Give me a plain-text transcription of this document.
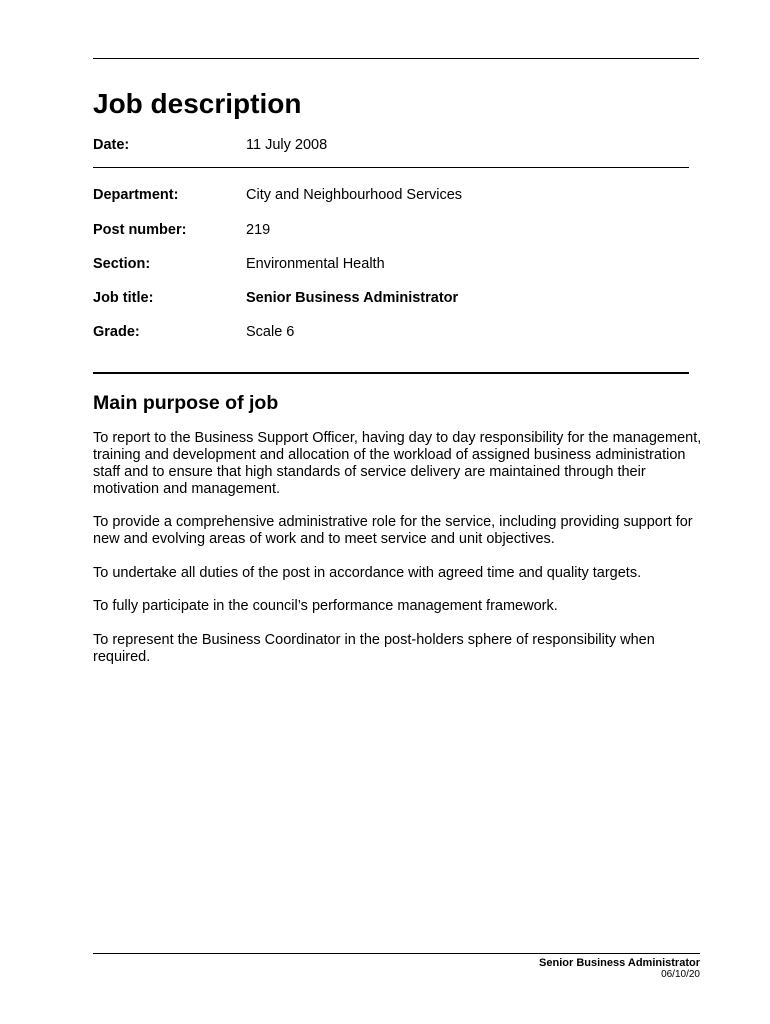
Job description
Date:	11 July 2008
Department:	City and Neighbourhood Services
Post number:	219
Section:	Environmental Health
Job title:	Senior Business Administrator
Grade:	Scale 6
Main purpose of job

To report to the Business Support Officer, having day to day responsibility for the management, training and development and allocation of the workload of assigned business administration staff and to ensure that high standards of service delivery are maintained through their motivation and management.

To provide a comprehensive administrative role for the service, including providing support for new and evolving areas of work and to meet service and unit objectives.

To undertake all duties of the post in accordance with agreed time and quality targets.

To fully participate in the council’s performance management framework.

To represent the Business Coordinator in the post-holders sphere of responsibility when required.

Senior Business Administrator
06/10/20
